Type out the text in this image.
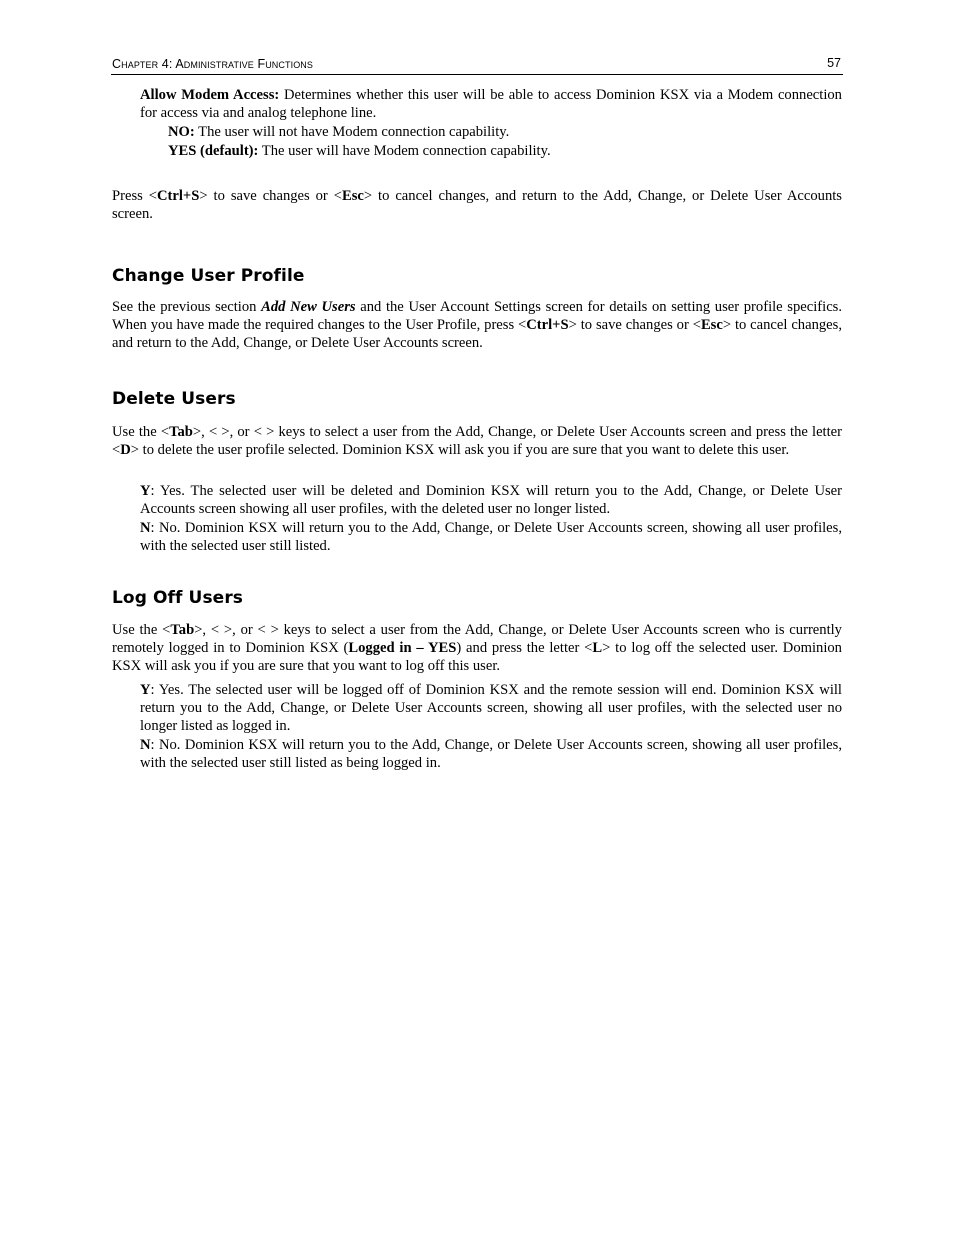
Chapter 4: Administrative Functions	57
Allow Modem Access: Determines whether this user will be able to access Dominion KSX via a Modem connection for access via and analog telephone line.
NO: The user will not have Modem connection capability.
YES (default): The user will have Modem connection capability.
Press <Ctrl+S> to save changes or <Esc> to cancel changes, and return to the Add, Change, or Delete User Accounts screen.
Change User Profile
See the previous section Add New Users and the User Account Settings screen for details on setting user profile specifics. When you have made the required changes to the User Profile, press <Ctrl+S> to save changes or <Esc> to cancel changes, and return to the Add, Change, or Delete User Accounts screen.
Delete Users
Use the <Tab>, < >, or < > keys to select a user from the Add, Change, or Delete User Accounts screen and press the letter <D> to delete the user profile selected. Dominion KSX will ask you if you are sure that you want to delete this user.
Y: Yes. The selected user will be deleted and Dominion KSX will return you to the Add, Change, or Delete User Accounts screen showing all user profiles, with the deleted user no longer listed.
N: No. Dominion KSX will return you to the Add, Change, or Delete User Accounts screen, showing all user profiles, with the selected user still listed.
Log Off Users
Use the <Tab>, < >, or < > keys to select a user from the Add, Change, or Delete User Accounts screen who is currently remotely logged in to Dominion KSX (Logged in – YES) and press the letter <L> to log off the selected user. Dominion KSX will ask you if you are sure that you want to log off this user.
Y: Yes. The selected user will be logged off of Dominion KSX and the remote session will end. Dominion KSX will return you to the Add, Change, or Delete User Accounts screen, showing all user profiles, with the selected user no longer listed as logged in.
N: No. Dominion KSX will return you to the Add, Change, or Delete User Accounts screen, showing all user profiles, with the selected user still listed as being logged in.
